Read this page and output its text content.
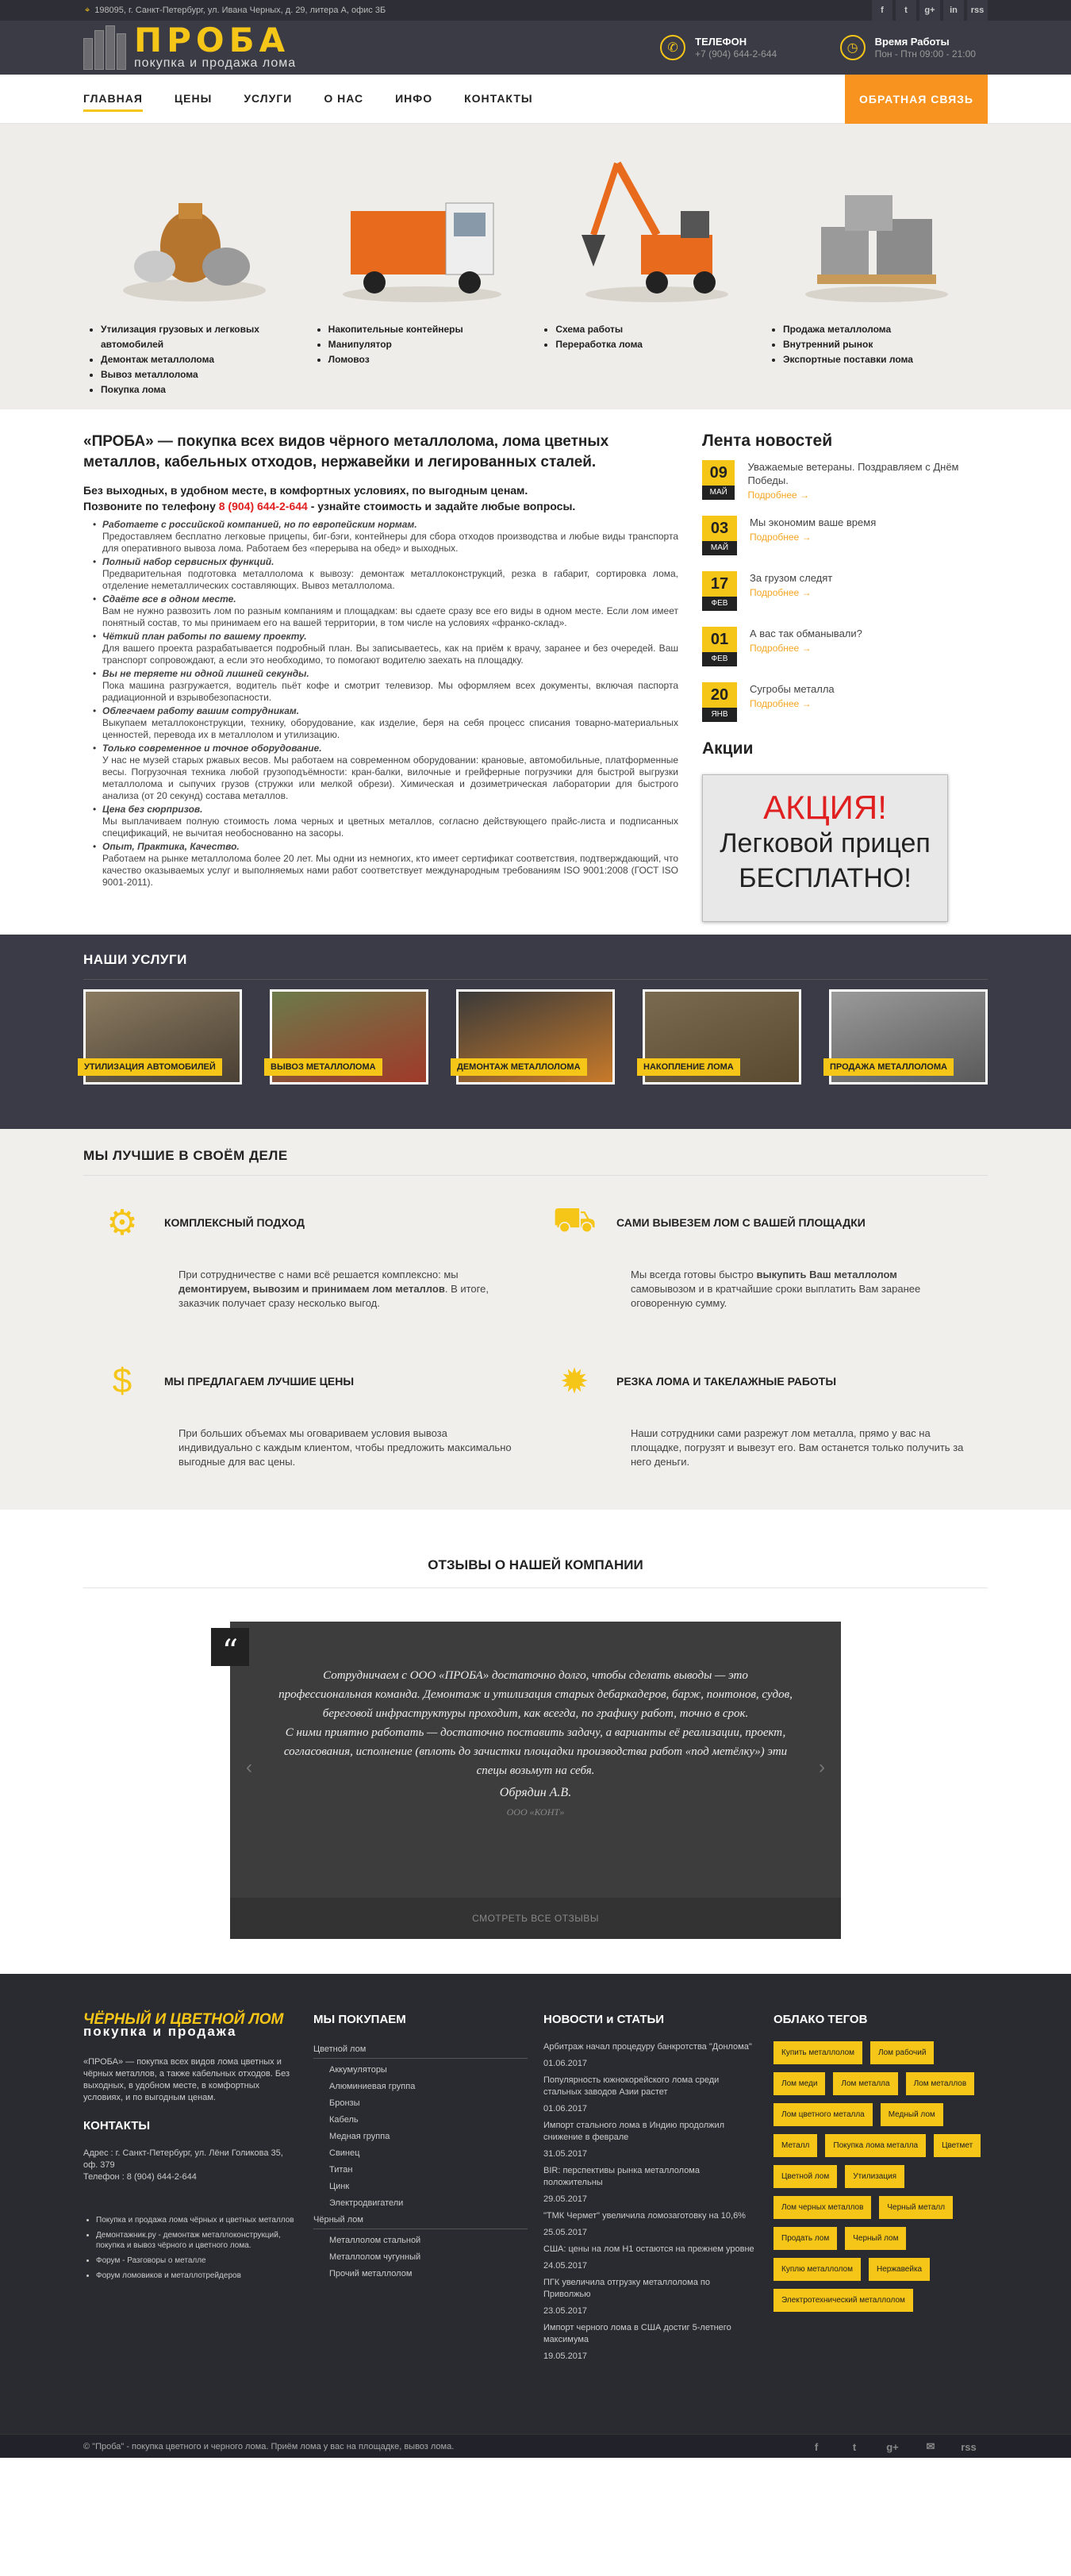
⌖ 198095, г. Санкт-Петербург, ул. Ивана Черных, д. 29, литера А, офис 3Б	f	t	g+	in	rss
ПРОБА
покупка и продажа лома
✆	ТЕЛЕФОН
+7 (904) 644-2-644	◷	Время Работы
Пон - Птн 09:00 - 21:00
ГЛАВНАЯ	ЦЕНЫ	УСЛУГИ	О НАС	ИНФО	КОНТАКТЫ	ОБРАТНАЯ СВЯЗЬ
• Утилизация грузовых и легковых автомобилей
• Демонтаж металлолома
• Вывоз металлолома
• Покупка лома
• Накопительные контейнеры
• Манипулятор
• Ломовоз
• Схема работы
• Переработка лома
• Продажа металлолома
• Внутренний рынок
• Экспортные поставки лома
«ПРОБА» — покупка всех видов чёрного металлолома, лома цветных металлов, кабельных отходов, нержавейки и легированных сталей.
Без выходных, в удобном месте, в комфортных условиях, по выгодным ценам.
Позвоните по телефону 8 (904) 644-2-644 - узнайте стоимость и задайте любые вопросы.
• Работаете с российской компанией, но по европейским нормам.

Предоставляем бесплатно легковые прицепы, биг-бэги, контейнеры для сбора отходов производства и любые виды транспорта для оперативного вывоза лома. Работаем без «перерыва на обед» и выходных.

• Полный набор сервисных функций.

Предварительная подготовка металлолома к вывозу: демонтаж металлоконструкций, резка в габарит, сортировка лома, отделение неметаллических составляющих. Вывоз металлолома.

• Сдаёте все в одном месте.

Вам не нужно развозить лом по разным компаниям и площадкам: вы сдаете сразу все его виды в одном месте. Если лом имеет понятный состав, то мы принимаем его на вашей территории, в том числе на условиях «франко-склад».

• Чёткий план работы по вашему проекту.

Для вашего проекта разрабатывается подробный план. Вы записываетесь, как на приём к врачу, заранее и без очередей. Ваш транспорт сопровождают, а если это необходимо, то помогают водителю заехать на площадку.

• Вы не теряете ни одной лишней секунды.

Пока машина разгружается, водитель пьёт кофе и смотрит телевизор. Мы оформляем всех документы, включая паспорта радиационной и взрывобезопасности.

• Облегчаем работу вашим сотрудникам.

Выкупаем металлоконструкции, технику, оборудование, как изделие, беря на себя процесс списания товарно-материальных ценностей, перевода их в металлолом и утилизацию.

• Только современное и точное оборудование.

У нас не музей старых ржавых весов. Мы работаем на современном оборудовании: крановые, автомобильные, платформенные весы. Погрузочная техника любой грузоподъёмности: кран-балки, вилочные и грейферные погрузчики для быстрой выгрузки металлолома и сыпучих грузов (стружки или мелкой обрези). Химическая и дозиметрическая лаборатории для быстрого анализа (от 20 секунд) состава металлов.

• Цена без сюрпризов.

Мы выплачиваем полную стоимость лома черных и цветных металлов, согласно действующего прайс-листа и подписанных спецификаций, не вычитая необоснованно на засоры.

• Опыт, Практика, Качество.

Работаем на рынке металлолома более 20 лет. Мы одни из немногих, кто имеет сертификат соответствия, подтверждающий, что качество оказываемых услуг и выполняемых нами работ соответствует международным требованиям ISO 9001:2008 (ГОСТ ISO 9001-2011).

Лента новостей
09
МАЙ
Уважаемые ветераны. Поздравляем с Днём Победы.
Подробнее →
03
МАЙ
Мы экономим ваше время
Подробнее →
17
ФЕВ
За грузом следят
Подробнее →
01
ФЕВ
А вас так обманывали?
Подробнее →
20
ЯНВ
Сугробы металла
Подробнее →
Акции
АКЦИЯ!
Легковой прицеп
БЕСПЛАТНО!
НАШИ УСЛУГИ
УТИЛИЗАЦИЯ АВТОМОБИЛЕЙ	ВЫВОЗ МЕТАЛЛОЛОМА	ДЕМОНТАЖ МЕТАЛЛОЛОМА	НАКОПЛЕНИЕ ЛОМА	ПРОДАЖА МЕТАЛЛОЛОМА
МЫ ЛУЧШИЕ В СВОЁМ ДЕЛЕ
⚙	КОМПЛЕКСНЫЙ ПОДХОД

При сотрудничестве с нами всё решается комплексно: мы демонтируем, вывозим и принимаем лом металлов. В итоге, заказчик получает сразу несколько выгод.

⛟ САМИ ВЫВЕЗЕМ ЛОМ С ВАШЕЙ ПЛОЩАДКИ

Мы всегда готовы быстро выкупить Ваш металлолом самовывозом и в кратчайшие сроки выплатить Вам заранее оговоренную сумму.

$	МЫ ПРЕДЛАГАЕМ ЛУЧШИЕ ЦЕНЫ

При больших объемах мы оговариваем условия вывоза индивидуально с каждым клиентом, чтобы предложить максимально выгодные для вас цены.

✹	РЕЗКА ЛОМА И ТАКЕЛАЖНЫЕ РАБОТЫ

Наши сотрудники сами разрежут лом металла, прямо у вас на площадке, погрузят и вывезут его. Вам останется только получить за него деньги.

ОТЗЫВЫ О НАШЕЙ КОМПАНИИ
“
‹	›
Сотрудничаем с ООО «ПРОБА» достаточно долго, чтобы сделать выводы — это профессиональная команда. Демонтаж и утилизация старых дебаркадеров, барж, понтонов, судов, береговой инфраструктуры проходит, как всегда, по графику работ, точно в срок.
С ними приятно работать — достаточно поставить задачу, а варианты её реализации, проект, согласования, исполнение (вплоть до зачистки площадки производства работ «под метёлку») эти спецы возьмут на себя.
Обрядин А.В.
ООО «КОНТ»
СМОТРЕТЬ ВСЕ ОТЗЫВЫ
ЧЁРНЫЙ И ЦВЕТНОЙ ЛОМ
покупка и продажа

«ПРОБА» — покупка всех видов лома цветных и чёрных металлов, а также кабельных отходов. Без выходных, в удобном месте, в комфортных условиях, и по выгодным ценам.

КОНТАКТЫ

Адрес : г. Санкт-Петербург, ул. Лёни Голикова 35, оф. 379

Телефон : 8 (904) 644-2-644

• Покупка и продажа лома чёрных и цветных металлов
• Демонтажник.ру - демонтаж металлоконструкций, покупка и вывоз чёрного и цветного лома.
• Форум - Разговоры о металле
• Форум ломовиков и металлотрейдеров
МЫ ПОКУПАЕМ
Цветной лом
Аккумуляторы
Алюминиевая группа
Бронзы
Кабель
Медная группа
Свинец
Титан
Цинк
Электродвигатели
Чёрный лом
Металлолом стальной
Металлолом чугунный
Прочий металлолом
НОВОСТИ и СТАТЬИ
Арбитраж начал процедуру банкротства "Донлома"
01.06.2017
Популярность южнокорейского лома среди стальных заводов Азии растет
01.06.2017
Импорт стального лома в Индию продолжил снижение в феврале
31.05.2017
BIR: перспективы рынка металлолома положительны
29.05.2017
"ТМК Чермет" увеличила ломозаготовку на 10,6%
25.05.2017
США: цены на лом Н1 остаются на прежнем уровне
24.05.2017
ПГК увеличила отгрузку металлолома по Приволжью
23.05.2017
Импорт черного лома в США достиг 5-летнего максимума
19.05.2017
ОБЛАКО ТЕГОВ
Купить металлолом	Лом рабочий
Лом меди	Лом металла	Лом металлов
Лом цветного металла	Медный лом
Металл	Покупка лома металла	Цветмет
Цветной лом	Утилизация
Лом черных металлов	Черный металл
Продать лом	Черный лом
Куплю металлолом	Нержавейка
Электротехнический металлолом
© "Проба" - покупка цветного и черного лома. Приём лома у вас на площадке, вывоз лома.	f	t	g+	✉	rss
